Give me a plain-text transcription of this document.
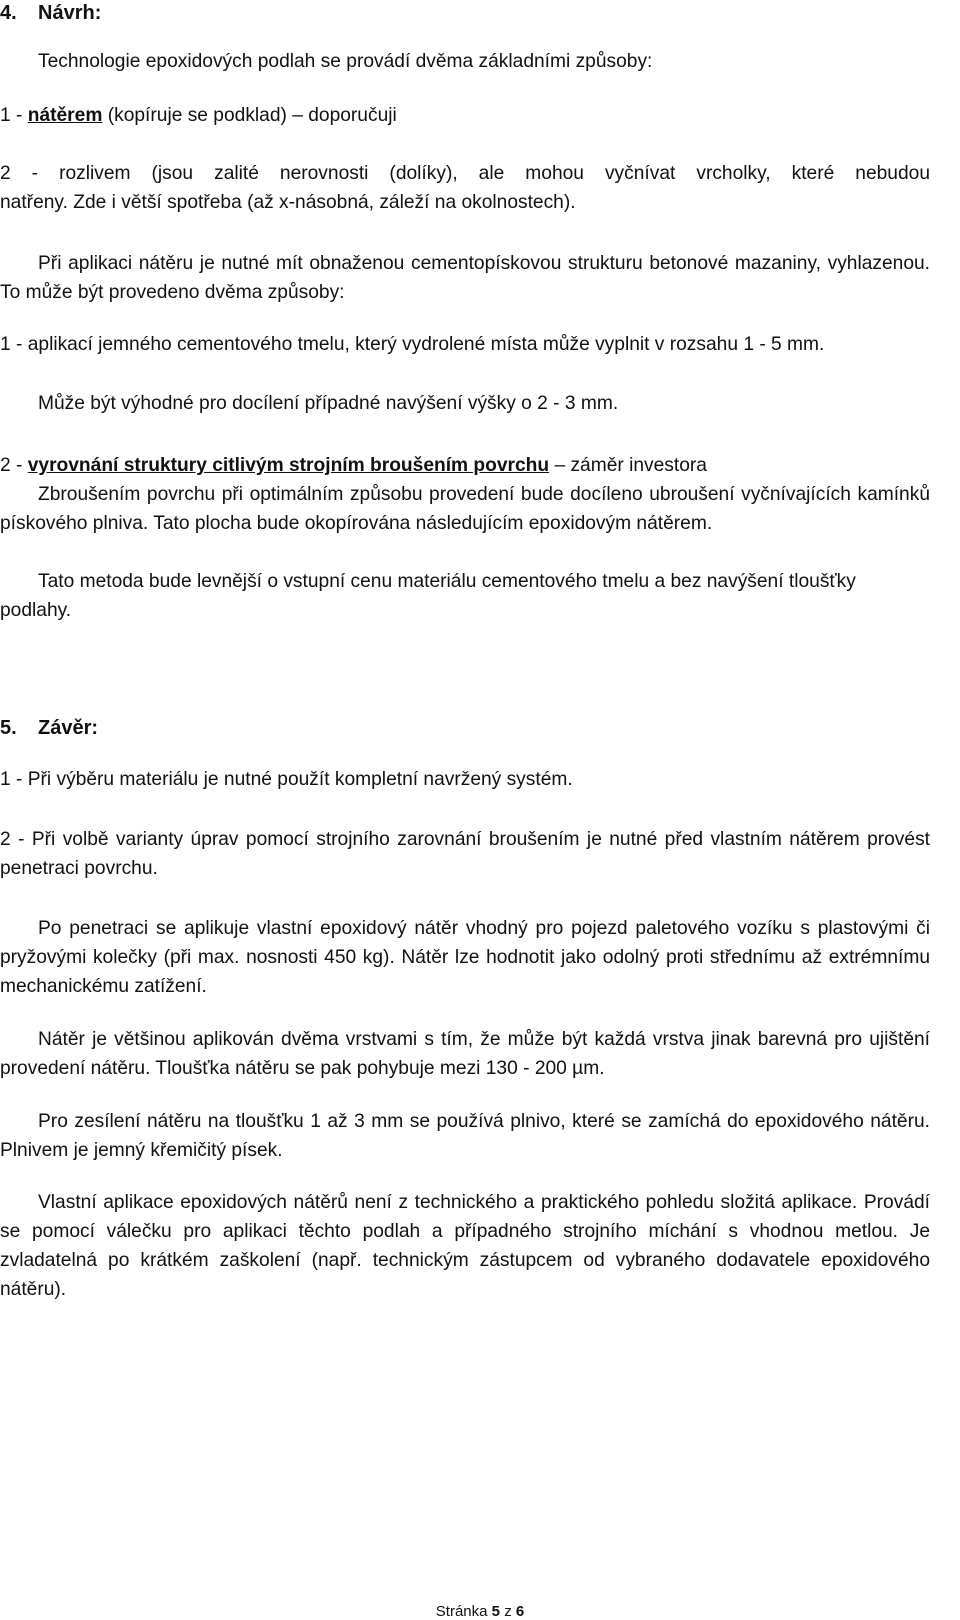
4. Návrh:

Technologie epoxidových podlah se provádí dvěma základními způsoby:

1 - nátěrem (kopíruje se podklad) – doporučuji

2 - rozlivem (jsou zalité nerovnosti (dolíky), ale mohou vyčnívat vrcholky, které nebudou
natřeny. Zde i větší spotřeba (až x-násobná, záleží na okolnostech).

Při aplikaci nátěru je nutné mít obnaženou cementopískovou strukturu betonové mazaniny, vyhlazenou. To může být provedeno dvěma způsoby:

1 - aplikací jemného cementového tmelu, který vydrolené místa může vyplnit v rozsahu 1 - 5 mm.

Může být výhodné pro docílení případné navýšení výšky o 2 - 3 mm.

2 - vyrovnání struktury citlivým strojním broušením povrchu – záměr investora

Zbroušením povrchu při optimálním způsobu provedení bude docíleno ubroušení vyčnívajících kamínků pískového plniva. Tato plocha bude okopírována následujícím epoxidovým nátěrem.

Tato metoda bude levnější o vstupní cenu materiálu cementového tmelu a bez navýšení tloušťky podlahy.

5. Závěr:

1 - Při výběru materiálu je nutné použít kompletní navržený systém.

2 - Při volbě varianty úprav pomocí strojního zarovnání broušením je nutné před vlastním nátěrem provést penetraci povrchu.

Po penetraci se aplikuje vlastní epoxidový nátěr vhodný pro pojezd paletového vozíku s plastovými či pryžovými kolečky (při max. nosnosti 450 kg). Nátěr lze hodnotit jako odolný proti střednímu až extrémnímu mechanickému zatížení.

Nátěr je většinou aplikován dvěma vrstvami s tím, že může být každá vrstva jinak barevná pro ujištění provedení nátěru. Tloušťka nátěru se pak pohybuje mezi 130 - 200 µm.

Pro zesílení nátěru na tloušťku 1 až 3 mm se používá plnivo, které se zamíchá do epoxidového nátěru. Plnivem je jemný křemičitý písek.

Vlastní aplikace epoxidových nátěrů není z technického a praktického pohledu složitá aplikace. Provádí se pomocí válečku pro aplikaci těchto podlah a případného strojního míchání s vhodnou metlou. Je zvladatelná po krátkém zaškolení (např. technickým zástupcem od vybraného dodavatele epoxidového nátěru).

Stránka 5 z 6
